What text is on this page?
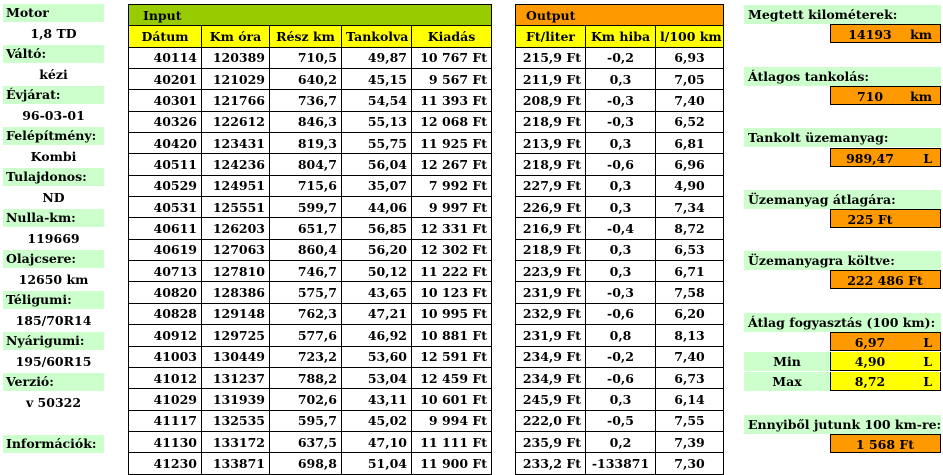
Motor
1,8 TD
Váltó:
kézi
Évjárat:
96-03-01
Felépítmény:
Kombi
Tulajdonos:
ND
Nulla-km:
119669
Olajcsere:
12650 km
Téligumi:
185/70R14
Nyárigumi:
195/60R15
Verzió:
v 50322
Információk:
Input				
Dátum	Km óra	Rész km	Tankolva	Kiadás
40114	120389	710,5	49,87	10 767 Ft
40201	121029	640,2	45,15	9 567 Ft
40301	121766	736,7	54,54	11 393 Ft
40326	122612	846,3	55,13	12 068 Ft
40420	123431	819,3	55,75	11 925 Ft
40511	124236	804,7	56,04	12 267 Ft
40529	124951	715,6	35,07	7 992 Ft
40531	125551	599,7	44,06	9 997 Ft
40611	126203	651,7	56,85	12 331 Ft
40619	127063	860,4	56,20	12 302 Ft
40713	127810	746,7	50,12	11 222 Ft
40820	128386	575,7	43,65	10 123 Ft
40828	129148	762,3	47,21	10 995 Ft
40912	129725	577,6	46,92	10 881 Ft
41003	130449	723,2	53,60	12 591 Ft
41012	131237	788,2	53,04	12 459 Ft
41029	131939	702,6	43,11	10 601 Ft
41117	132535	595,7	45,02	9 994 Ft
41130	133172	637,5	47,10	11 111 Ft
41230	133871	698,8	51,04	11 900 Ft
Output		
Ft/liter	Km hiba	l/100 km
215,9 Ft	-0,2	6,93
211,9 Ft	0,3	7,05
208,9 Ft	-0,3	7,40
218,9 Ft	-0,3	6,52
213,9 Ft	0,3	6,81
218,9 Ft	-0,6	6,96
227,9 Ft	0,3	4,90
226,9 Ft	0,3	7,34
216,9 Ft	-0,4	8,72
218,9 Ft	0,3	6,53
223,9 Ft	0,3	6,71
231,9 Ft	-0,3	7,58
232,9 Ft	-0,6	6,20
231,9 Ft	0,8	8,13
234,9 Ft	-0,2	7,40
234,9 Ft	-0,6	6,73
245,9 Ft	0,3	6,14
222,0 Ft	-0,5	7,55
235,9 Ft	0,2	7,39
233,2 Ft	-133871	7,30
Megtett kilométerek:
14193	km
Átlagos tankolás:
710	km
Tankolt üzemanyag:
989,47	L
Üzemanyag átlagára:
225 Ft
Üzemanyagra költve:
222 486 Ft
Átlag fogyasztás (100 km):
6,97	L
Min	4,90	L
Max	8,72	L
Ennyiből jutunk 100 km-re:
1 568 Ft
